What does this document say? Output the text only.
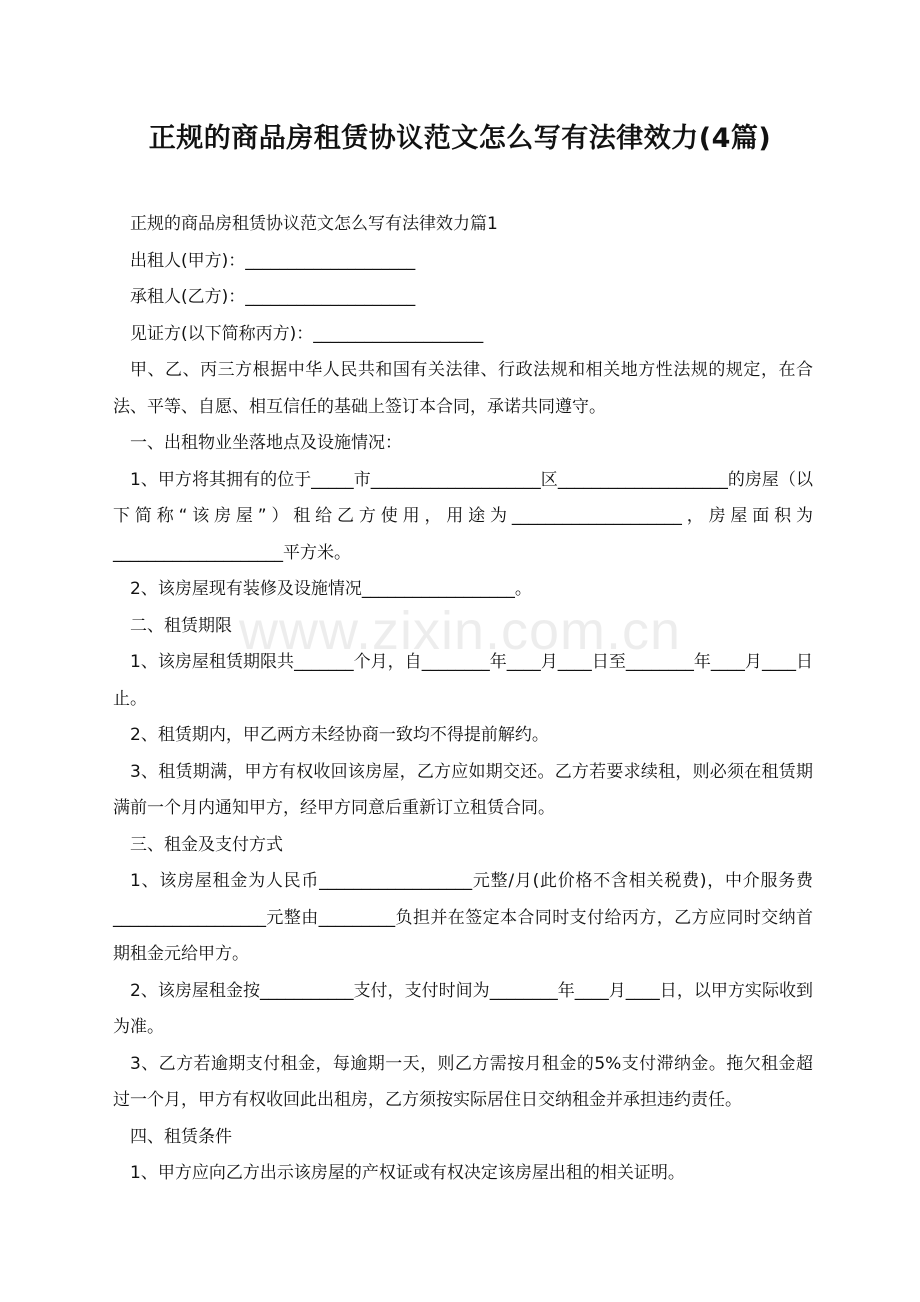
正规的商品房租赁协议范文怎么写有法律效力(4篇)
www.zixin.com.cn

正规的商品房租赁协议范文怎么写有法律效力篇1

出租人(甲方)：____________________

承租人(乙方)：____________________

见证方(以下简称丙方)：____________________

甲、乙、丙三方根据中华人民共和国有关法律、行政法规和相关地方性法规的规定，在合法、平等、自愿、相互信任的基础上签订本合同，承诺共同遵守。

一、出租物业坐落地点及设施情况：

1、甲方将其拥有的位于_____市____________________区____________________的房屋（以下简称“该房屋”）租给乙方使用，用途为____________________，房屋面积为____________________平方米。

2、该房屋现有装修及设施情况__________________。

二、租赁期限

1、该房屋租赁期限共_______个月，自________年____月____日至________年____月____日止。

2、租赁期内，甲乙两方未经协商一致均不得提前解约。

3、租赁期满，甲方有权收回该房屋，乙方应如期交还。乙方若要求续租，则必须在租赁期满前一个月内通知甲方，经甲方同意后重新订立租赁合同。

三、租金及支付方式

1、该房屋租金为人民币__________________元整/月(此价格不含相关税费)，中介服务费__________________元整由_________负担并在签定本合同时支付给丙方，乙方应同时交纳首期租金元给甲方。

2、该房屋租金按___________支付，支付时间为________年____月____日，以甲方实际收到为准。

3、乙方若逾期支付租金，每逾期一天，则乙方需按月租金的5%支付滞纳金。拖欠租金超过一个月，甲方有权收回此出租房，乙方须按实际居住日交纳租金并承担违约责任。

四、租赁条件

1、甲方应向乙方出示该房屋的产权证或有权决定该房屋出租的相关证明。
